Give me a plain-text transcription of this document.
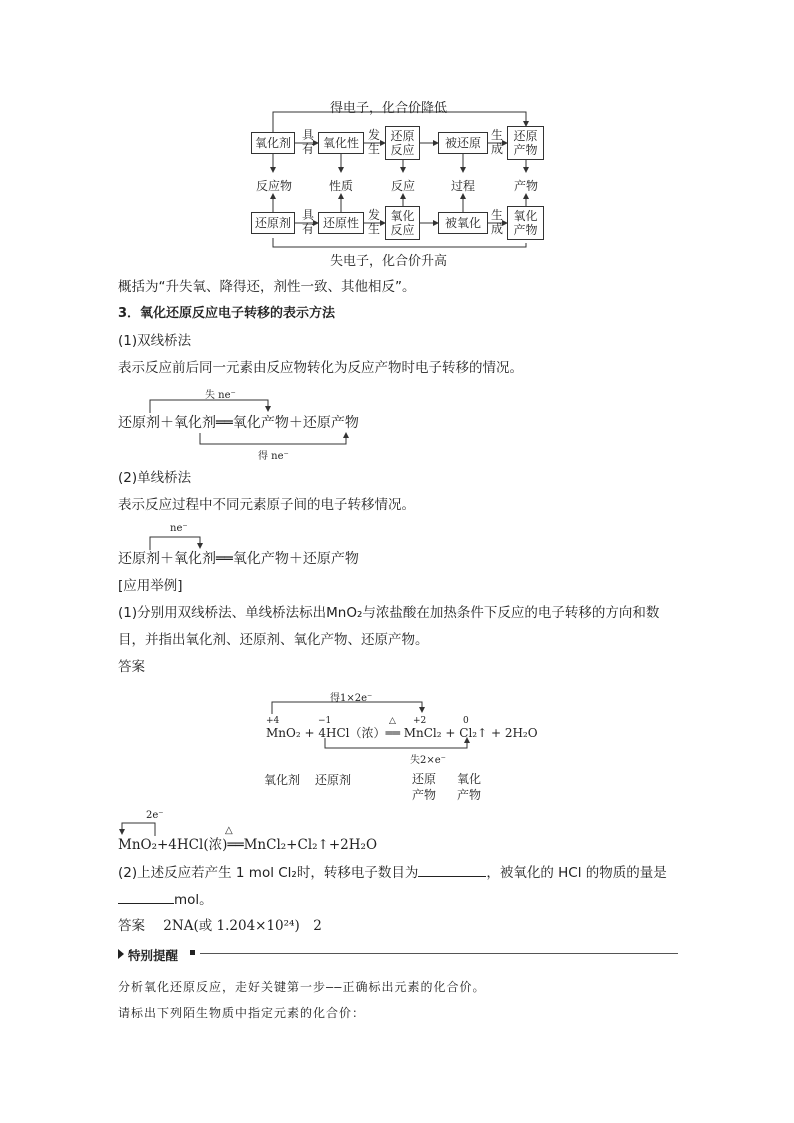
得电子，化合价降低
氧化剂
具有 氧化性
发生
还原反应	被还原
生成
还原产物
反应物	性质	反应	过程	产物
还原剂
具有 还原性
发生
氧化反应	被氧化
生成
氧化产物
失电子，化合价升高
概括为“升失氧、降得还，剂性一致、其他相反”。
3．氧化还原反应电子转移的表示方法
(1)双线桥法
表示反应前后同一元素由反应物转化为反应产物时电子转移的情况。
失 ne⁻
还原剂＋氧化剂══氧化产物＋还原产物
得 ne⁻
(2)单线桥法
表示反应过程中不同元素原子间的电子转移情况。
ne⁻
还原剂＋氧化剂══氧化产物＋还原产物
[应用举例]
(1)分别用双线桥法、单线桥法标出MnO₂与浓盐酸在加热条件下反应的电子转移的方向和数
目，并指出氧化剂、还原剂、氧化产物、还原产物。
答案
得1×2e⁻
+4	−1	+2	0
△
MnO₂ + 4HCl（浓）══ MnCl₂ + Cl₂↑ + 2H₂O
失2×e⁻
氧化剂 还原剂	还原产物
氧化产物
2e⁻
△
MnO₂+4HCl(浓)══MnCl₂+Cl₂↑+2H₂O
(2)上述反应若产生 1 mol Cl₂时，转移电子数目为	，被氧化的 HCl 的物质的量是
mol。
答案 2NA(或 1.204×10²⁴)　2
特别提醒
分析氧化还原反应，走好关键第一步——正确标出元素的化合价。
请标出下列陌生物质中指定元素的化合价：
